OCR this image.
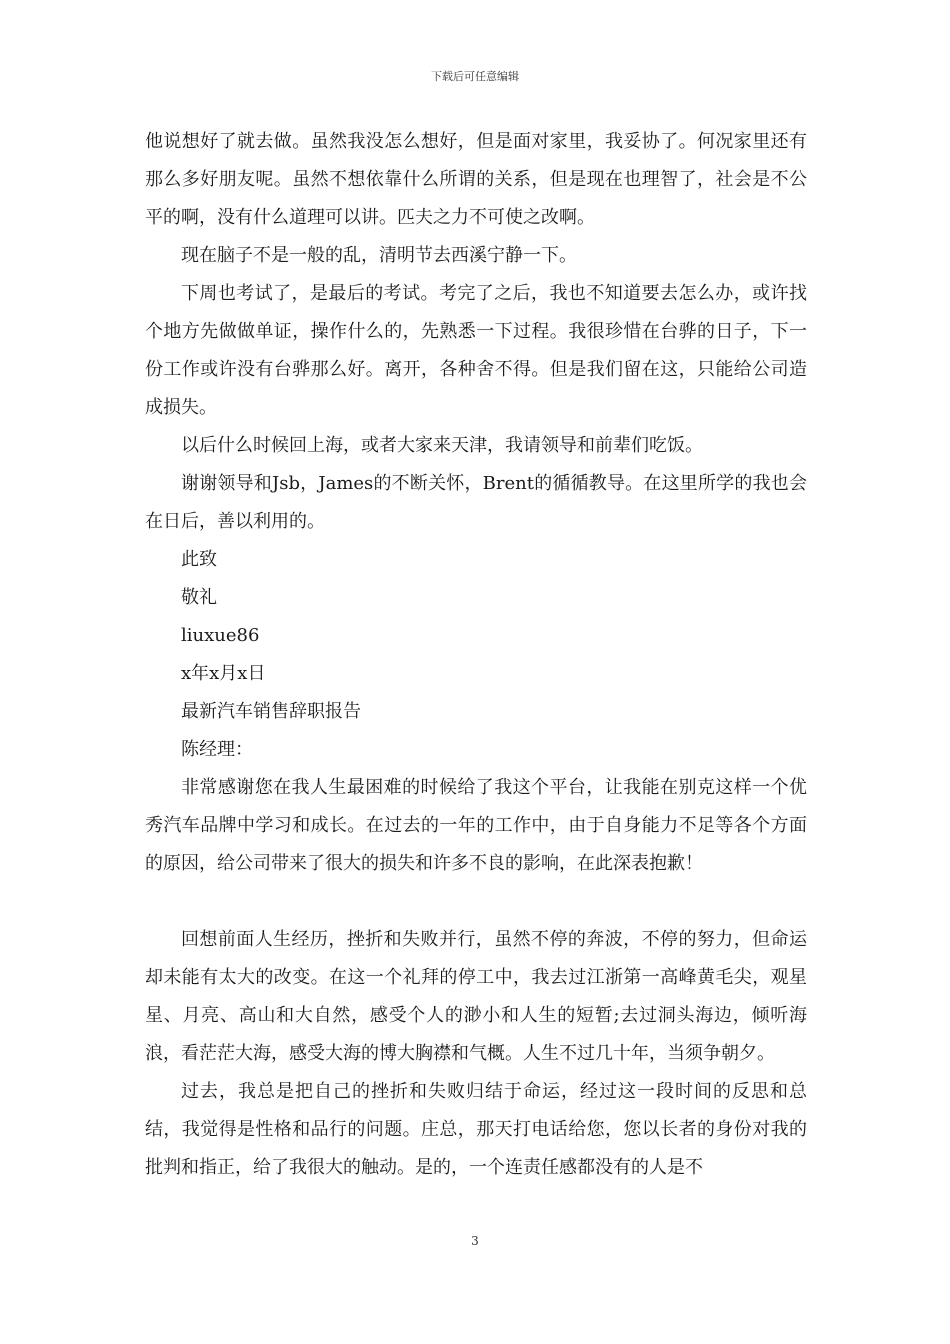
下载后可任意编辑

他说想好了就去做。虽然我没怎么想好，但是面对家里，我妥协了。何况家里还有那么多好朋友呢。虽然不想依靠什么所谓的关系，但是现在也理智了，社会是不公平的啊，没有什么道理可以讲。匹夫之力不可使之改啊。

现在脑子不是一般的乱，清明节去西溪宁静一下。

下周也考试了，是最后的考试。考完了之后，我也不知道要去怎么办，或许找个地方先做做单证，操作什么的，先熟悉一下过程。我很珍惜在台骅的日子，下一份工作或许没有台骅那么好。离开，各种舍不得。但是我们留在这，只能给公司造成损失。

以后什么时候回上海，或者大家来天津，我请领导和前辈们吃饭。

谢谢领导和Jsb，James的不断关怀，Brent的循循教导。在这里所学的我也会在日后，善以利用的。

此致

敬礼

liuxue86

x年x月x日

最新汽车销售辞职报告

陈经理：

非常感谢您在我人生最困难的时候给了我这个平台，让我能在别克这样一个优秀汽车品牌中学习和成长。在过去的一年的工作中，由于自身能力不足等各个方面的原因，给公司带来了很大的损失和许多不良的影响，在此深表抱歉！

回想前面人生经历，挫折和失败并行，虽然不停的奔波，不停的努力，但命运却未能有太大的改变。在这一个礼拜的停工中，我去过江浙第一高峰黄毛尖，观星星、月亮、高山和大自然，感受个人的渺小和人生的短暂;去过洞头海边，倾听海浪，看茫茫大海，感受大海的博大胸襟和气概。人生不过几十年，当须争朝夕。

过去，我总是把自己的挫折和失败归结于命运，经过这一段时间的反思和总结，我觉得是性格和品行的问题。庄总，那天打电话给您，您以长者的身份对我的批判和指正，给了我很大的触动。是的，一个连责任感都没有的人是不

3
